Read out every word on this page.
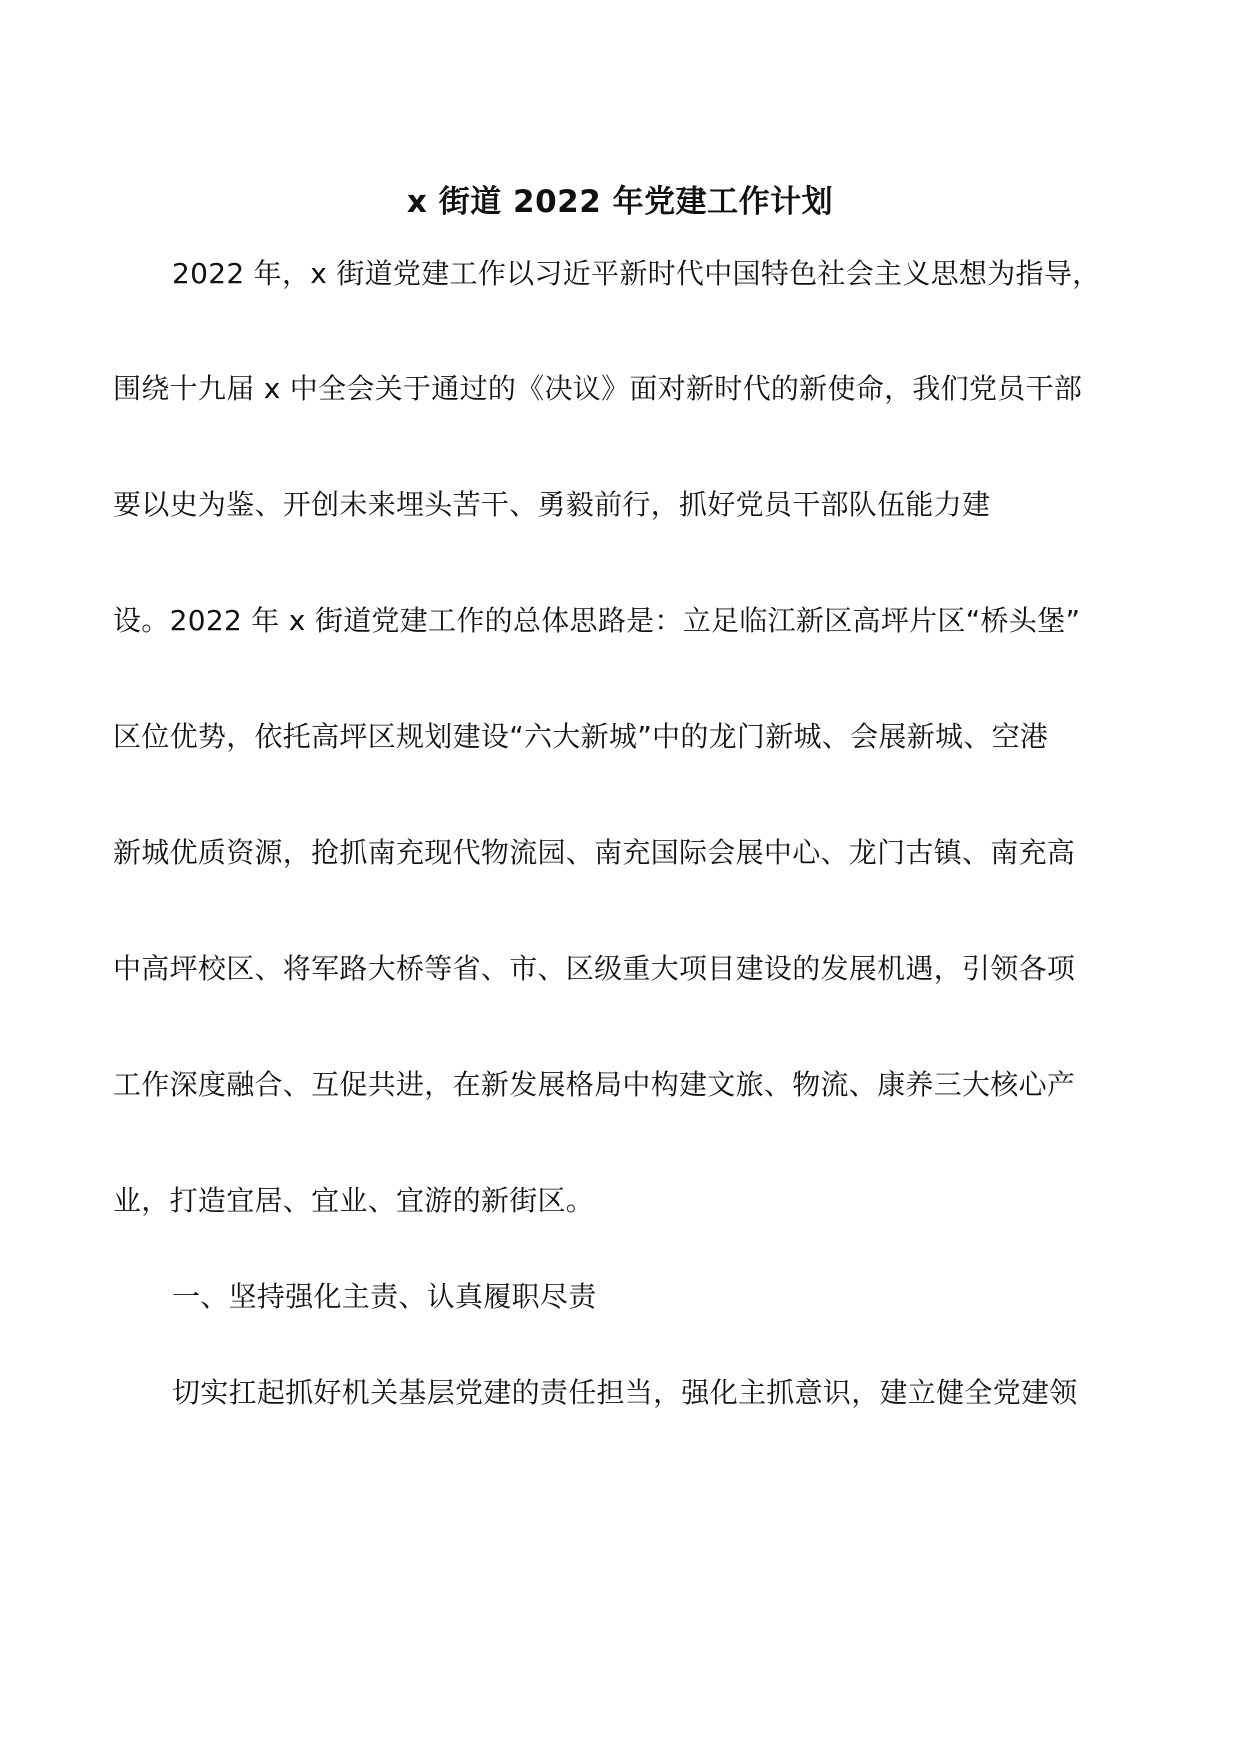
x 街道 2022 年党建工作计划
2022 年，x 街道党建工作以习近平新时代中国特色社会主义思想为指导，
围绕十九届 x 中全会关于通过的《决议》面对新时代的新使命，我们党员干部
要以史为鉴、开创未来埋头苦干、勇毅前行，抓好党员干部队伍能力建
设。2022 年 x 街道党建工作的总体思路是：立足临江新区高坪片区“桥头堡”
区位优势，依托高坪区规划建设“六大新城”中的龙门新城、会展新城、空港
新城优质资源，抢抓南充现代物流园、南充国际会展中心、龙门古镇、南充高
中高坪校区、将军路大桥等省、市、区级重大项目建设的发展机遇，引领各项
工作深度融合、互促共进，在新发展格局中构建文旅、物流、康养三大核心产
业，打造宜居、宜业、宜游的新街区。
一、坚持强化主责、认真履职尽责
切实扛起抓好机关基层党建的责任担当，强化主抓意识，建立健全党建领
